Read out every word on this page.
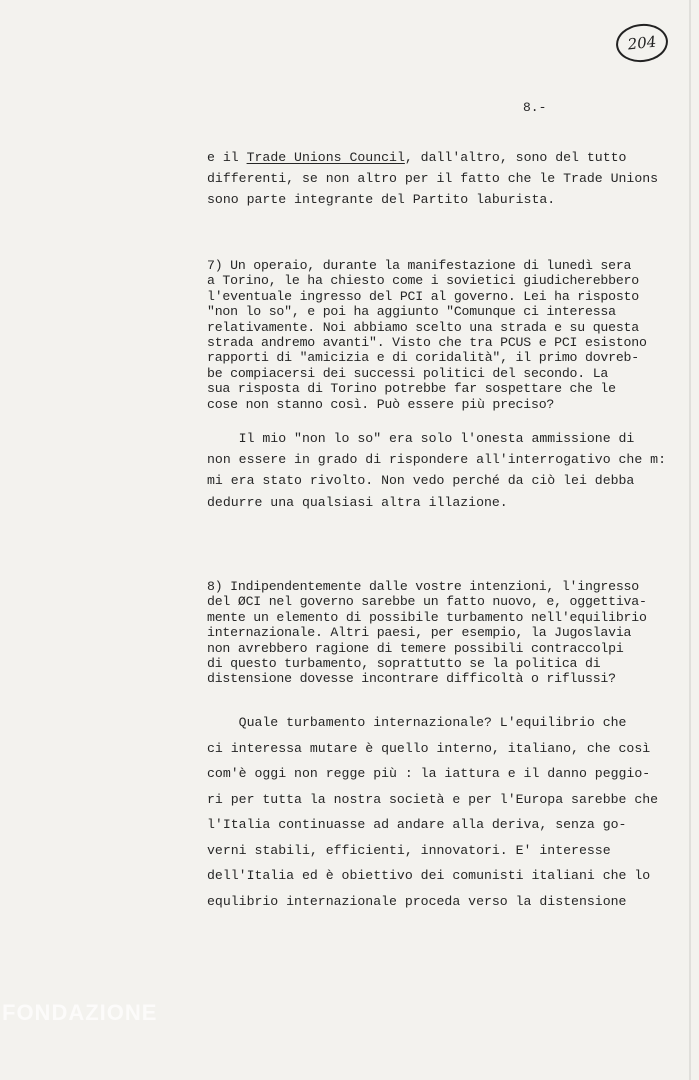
204
8.-
e il Trade Unions Council, dall'altro, sono del tutto
differenti, se non altro per il fatto che le Trade Unions
sono parte integrante del Partito laburista.
7) Un operaio, durante la manifestazione di lunedì sera
a Torino, le ha chiesto come i sovietici giudicherebbero
l'eventuale ingresso del PCI al governo. Lei ha risposto
"non lo so", e poi ha aggiunto "Comunque ci interessa
relativamente. Noi abbiamo scelto una strada e su questa
strada andremo avanti". Visto che tra PCUS e PCI esistono
rapporti di "amicizia e di coridalità", il primo dovreb-
be compiacersi dei successi politici del secondo. La
sua risposta di Torino potrebbe far sospettare che le
cose non stanno così. Può essere più preciso?
Il mio "non lo so" era solo l'onesta ammissione di
non essere in grado di rispondere all'interrogativo che m:
mi era stato rivolto. Non vedo perché da ciò lei debba
dedurre una qualsiasi altra illazione.
8) Indipendentemente dalle vostre intenzioni, l'ingresso
del ØCI nel governo sarebbe un fatto nuovo, e, oggettiva-
mente un elemento di possibile turbamento nell'equilibrio
internazionale. Altri paesi, per esempio, la Jugoslavia
non avrebbero ragione di temere possibili contraccolpi
di questo turbamento, soprattutto se la politica di
distensione dovesse incontrare difficoltà o riflussi?
Quale turbamento internazionale? L'equilibrio che
ci interessa mutare è quello interno, italiano, che così
com'è oggi non regge più : la iattura e il danno peggio-
ri per tutta la nostra società e per l'Europa sarebbe che
l'Italia continuasse ad andare alla deriva, senza go-
verni stabili, efficienti, innovatori. E' interesse
dell'Italia ed è obiettivo dei comunisti italiani che lo
equlibrio internazionale proceda verso la distensione
FONDAZIONE
